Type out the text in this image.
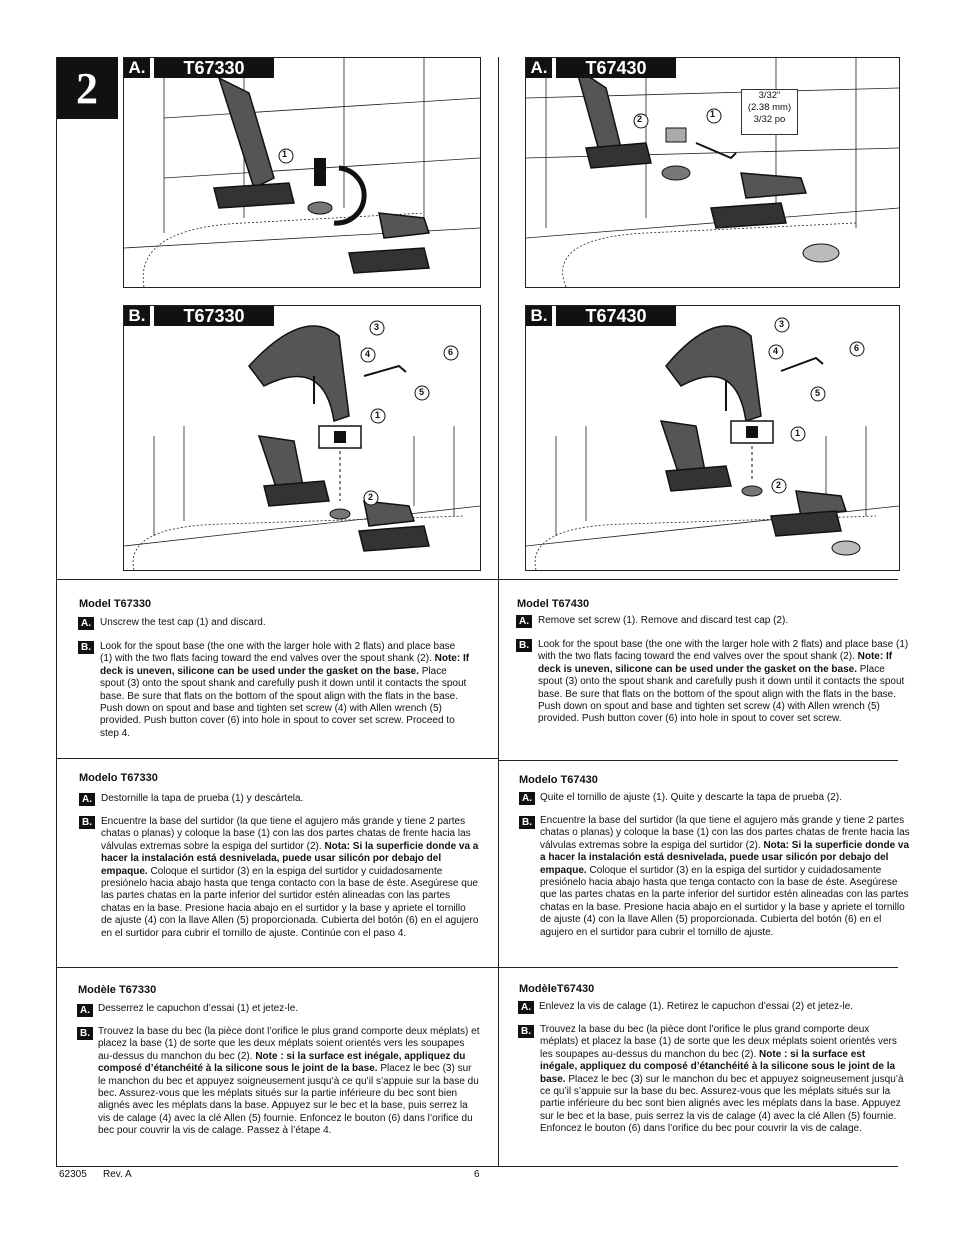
2
1
A.	T67330
2	1
A.	T67430
3/32"
(2.38 mm)
3/32 po
3
4	6
5
1
2
B.	T67330	3
4	6
5
1
2
B.	T67430
Model T67330
A. Unscrew the test cap (1) and discard.
B. Look for the spout base (the one with the larger hole with 2 flats) and place base (1) with the two flats facing toward the end valves over the spout shank (2). Note: If deck is uneven, silicone can be used under the gasket on the base. Place spout (3) onto the spout shank and carefully push it down until it contacts the spout base. Be sure that flats on the bottom of the spout align with the flats in the base. Push down on spout and base and tighten set screw (4) with Allen wrench (5) provided. Push button cover (6) into hole in spout to cover set screw. Proceed to step 4.
Model T67430
A. Remove set screw (1). Remove and discard test cap (2).
B. Look for the spout base (the one with the larger hole with 2 flats) and place base (1) with the two flats facing toward the end valves over the spout shank (2). Note: If deck is uneven, silicone can be used under the gasket on the base. Place spout (3) onto the spout shank and carefully push it down until it contacts the spout base. Be sure that flats on the bottom of the spout align with the flats in the base. Push down on spout and base and tighten set screw (4) with Allen wrench (5) provided. Push button cover (6) into hole in spout to cover set screw.
Modelo T67330
A. Destornille la tapa de prueba (1) y descártela.
B. Encuentre la base del surtidor (la que tiene el agujero más grande y tiene 2 partes chatas o planas) y coloque la base (1) con las dos partes chatas de frente hacia las válvulas extremas sobre la espiga del surtidor (2). Nota: Si la superficie donde va a hacer la instalación está desnivelada, puede usar silicón por debajo del empaque. Coloque el surtidor (3) en la espiga del surtidor y cuidadosamente presiónelo hacia abajo hasta que tenga contacto con la base de éste. Asegúrese que las partes chatas en la parte inferior del surtidor estén alineadas con las partes chatas en la base. Presione hacia abajo en el surtidor y la base y apriete el tornillo de ajuste (4) con la llave Allen (5) proporcionada. Cubierta del botón (6) en el agujero en el surtidor para cubrir el tornillo de ajuste. Continúe con el paso 4.
Modelo T67430
A. Quite el tornillo de ajuste (1). Quite y descarte la tapa de prueba (2).
B. Encuentre la base del surtidor (la que tiene el agujero más grande y tiene 2 partes chatas o planas) y coloque la base (1) con las dos partes chatas de frente hacia las válvulas extremas sobre la espiga del surtidor (2). Nota: Si la superficie donde va a hacer la instalación está desnivelada, puede usar silicón por debajo del empaque. Coloque el surtidor (3) en la espiga del surtidor y cuidadosamente presiónelo hacia abajo hasta que tenga contacto con la base de éste. Asegúrese que las partes chatas en la parte inferior del surtidor estén alineadas con las partes chatas en la base. Presione hacia abajo en el surtidor y la base y apriete el tornillo de ajuste (4) con la llave Allen (5) proporcionada. Cubierta del botón (6) en el agujero en el surtidor para cubrir el tornillo de ajuste.
Modèle T67330
A. Desserrez le capuchon d’essai (1) et jetez-le.
B. Trouvez la base du bec (la pièce dont l’orifice le plus grand comporte deux méplats) et placez la base (1) de sorte que les deux méplats soient orientés vers les soupapes au-dessus du manchon du bec (2). Note : si la surface est inégale, appliquez du composé d’étanchéité à la silicone sous le joint de la base. Placez le bec (3) sur le manchon du bec et appuyez soigneusement jusqu’à ce qu’il s’appuie sur la base du bec. Assurez-vous que les méplats situés sur la partie inférieure du bec sont bien alignés avec les méplats dans la base. Appuyez sur le bec et la base, puis serrez la vis de calage (4) avec la clé Allen (5) fournie. Enfoncez le bouton (6) dans l’orifice du bec pour couvrir la vis de calage. Passez à l’étape 4.
ModèleT67430
A. Enlevez la vis de calage (1). Retirez le capuchon d’essai (2) et jetez-le.
B. Trouvez la base du bec (la pièce dont l’orifice le plus grand comporte deux méplats) et placez la base (1) de sorte que les deux méplats soient orientés vers les soupapes au-dessus du manchon du bec (2). Note : si la surface est inégale, appliquez du composé d’étanchéité à la silicone sous le joint de la base. Placez le bec (3) sur le manchon du bec et appuyez soigneusement jusqu’à ce qu’il s’appuie sur la base du bec. Assurez-vous que les méplats situés sur la partie inférieure du bec sont bien alignés avec les méplats dans la base. Appuyez sur le bec et la base, puis serrez la vis de calage (4) avec la clé Allen (5) fournie. Enfoncez le bouton (6) dans l’orifice du bec pour couvrir la vis de calage.
62305 Rev. A	6
